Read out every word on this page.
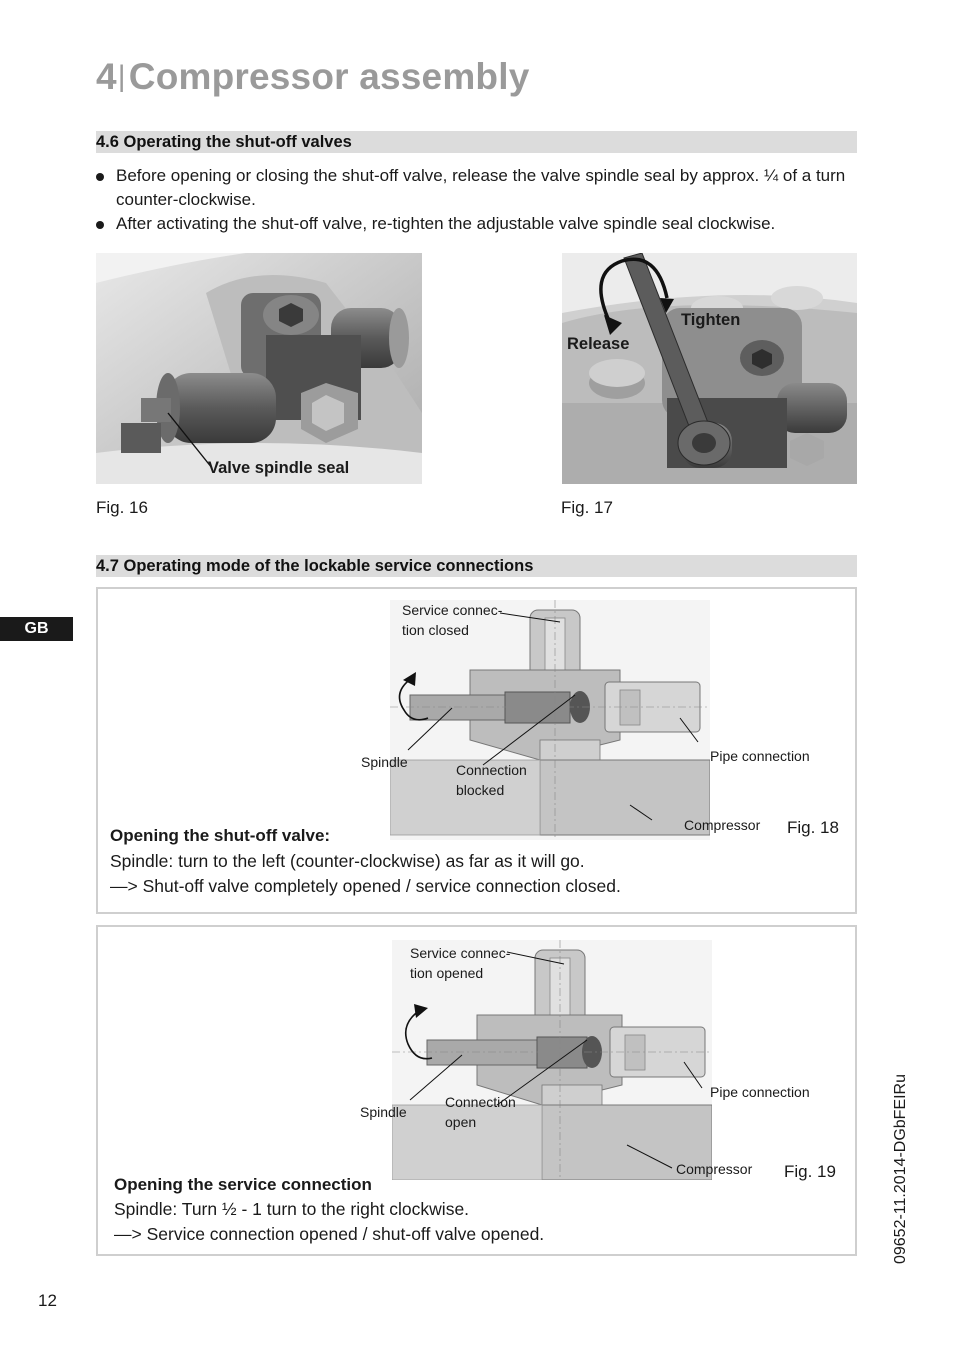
4|Compressor assembly
4.6 Operating the shut-off valves
Before opening or closing the shut-off valve, release the valve spindle seal by approx. ¼ of a turn counter-clockwise.
After activating the shut-off valve, re-tighten the adjustable valve spindle seal clockwise.
Valve spindle seal
Fig. 16
Release
Tighten
Fig. 17
4.7 Operating mode of the lockable service connections
Service connec-
tion closed
Spindle	Connection
blocked
Pipe connection
Compressor Fig. 18
Opening the shut-off valve:
Spindle: turn to the left (counter-clockwise) as far as it will go.
—> Shut-off valve completely opened / service connection closed.
GB
Service connec-
tion opened
Spindle
Connection
open
Pipe connection
Compressor Fig. 19
Opening the service connection
Spindle: Turn ½ - 1 turn to the right clockwise.
—> Service connection opened / shut-off valve opened.	09652-11.2014-DGbFEIRu
12
